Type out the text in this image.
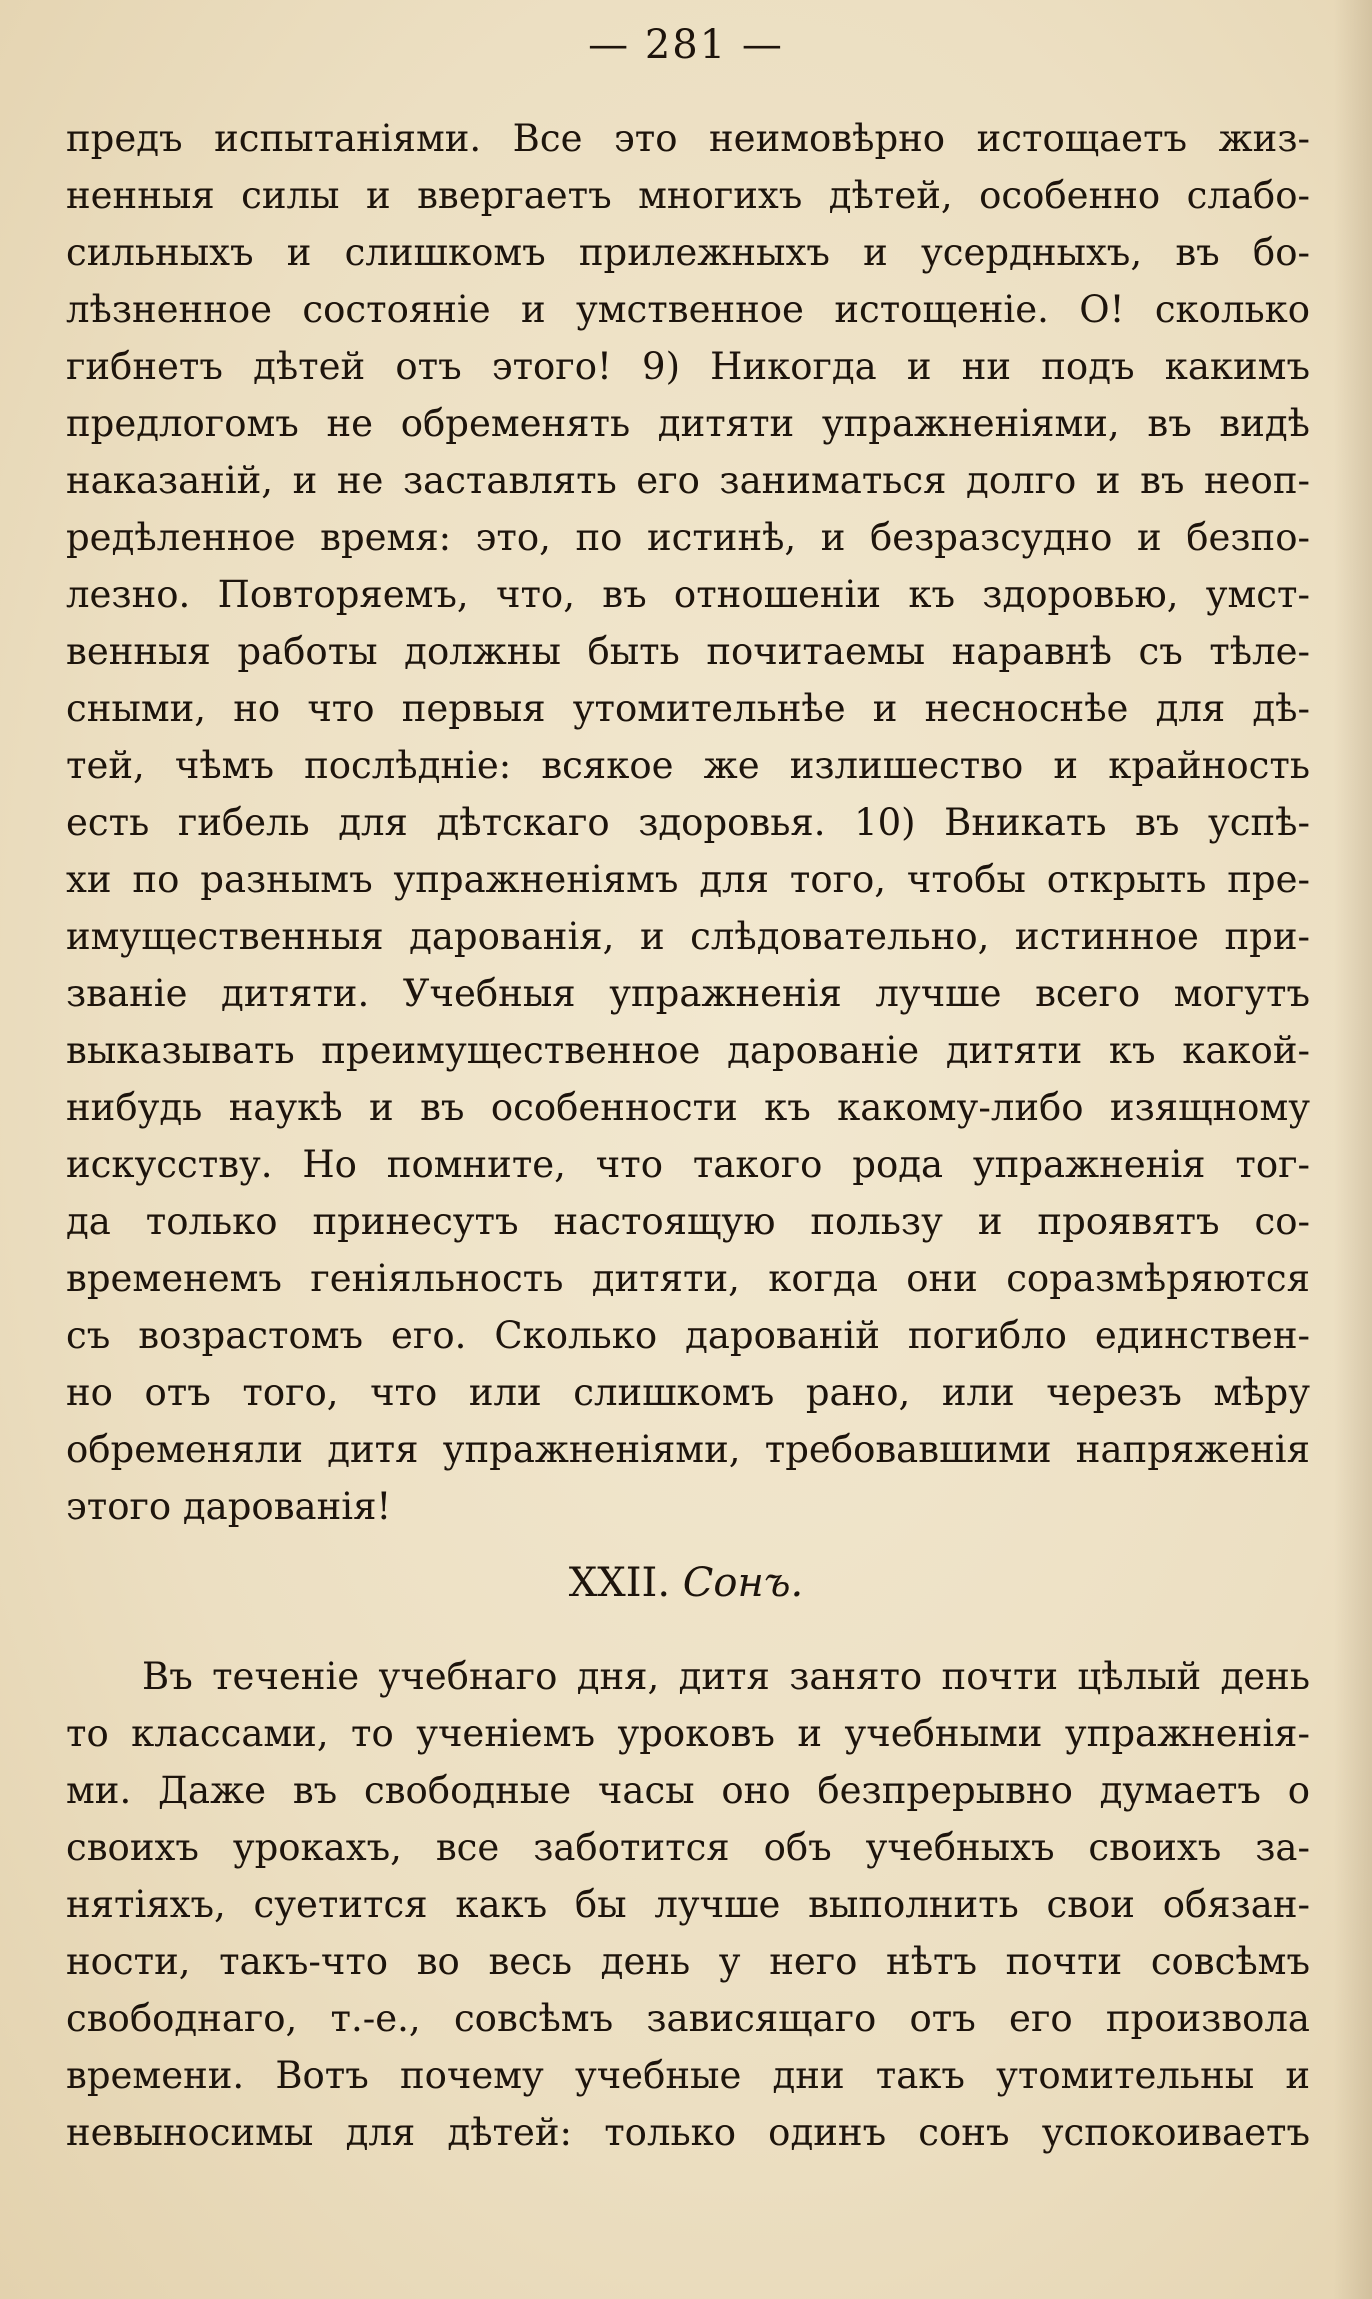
— 281 —
предъ испытаніями. Все это неимовѣрно истощаетъ жиз-
ненныя силы и ввергаетъ многихъ дѣтей, особенно слабо-
сильныхъ и слишкомъ прилежныхъ и усердныхъ, въ бо-
лѣзненное состояніе и умственное истощеніе. О! сколько
гибнетъ дѣтей отъ этого! 9) Никогда и ни подъ какимъ
предлогомъ не обременять дитяти упражненіями, въ видѣ
наказаній, и не заставлять его заниматься долго и въ неоп-
редѣленное время: это, по истинѣ, и безразсудно и безпо-
лезно. Повторяемъ, что, въ отношеніи къ здоровью, умст-
венныя работы должны быть почитаемы наравнѣ съ тѣле-
сными, но что первыя утомительнѣе и несноснѣе для дѣ-
тей, чѣмъ послѣдніе: всякое же излишество и крайность
есть гибель для дѣтскаго здоровья. 10) Вникать въ успѣ-
хи по разнымъ упражненіямъ для того, чтобы открыть пре-
имущественныя дарованія, и слѣдовательно, истинное при-
званіе дитяти. Учебныя упражненія лучше всего могутъ
выказывать преимущественное дарованіе дитяти къ какой-
нибудь наукѣ и въ особенности къ какому-либо изящному
искусству. Но помните, что такого рода упражненія тог-
да только принесутъ настоящую пользу и проявятъ со-
временемъ геніяльность дитяти, когда они соразмѣряются
съ возрастомъ его. Сколько дарованій погибло единствен-
но отъ того, что или слишкомъ рано, или черезъ мѣру
обременяли дитя упражненіями, требовавшими напряженія
этого дарованія!
XXII. Сонъ.
Въ теченіе учебнаго дня, дитя занято почти цѣлый день
то классами, то ученіемъ уроковъ и учебными упражненія-
ми. Даже въ свободные часы оно безпрерывно думаетъ о
своихъ урокахъ, все заботится объ учебныхъ своихъ за-
нятіяхъ, суетится какъ бы лучше выполнить свои обязан-
ности, такъ-что во весь день у него нѣтъ почти совсѣмъ
свободнаго, т.-е., совсѣмъ зависящаго отъ его произвола
времени. Вотъ почему учебные дни такъ утомительны и
невыносимы для дѣтей: только одинъ сонъ успокоиваетъ
